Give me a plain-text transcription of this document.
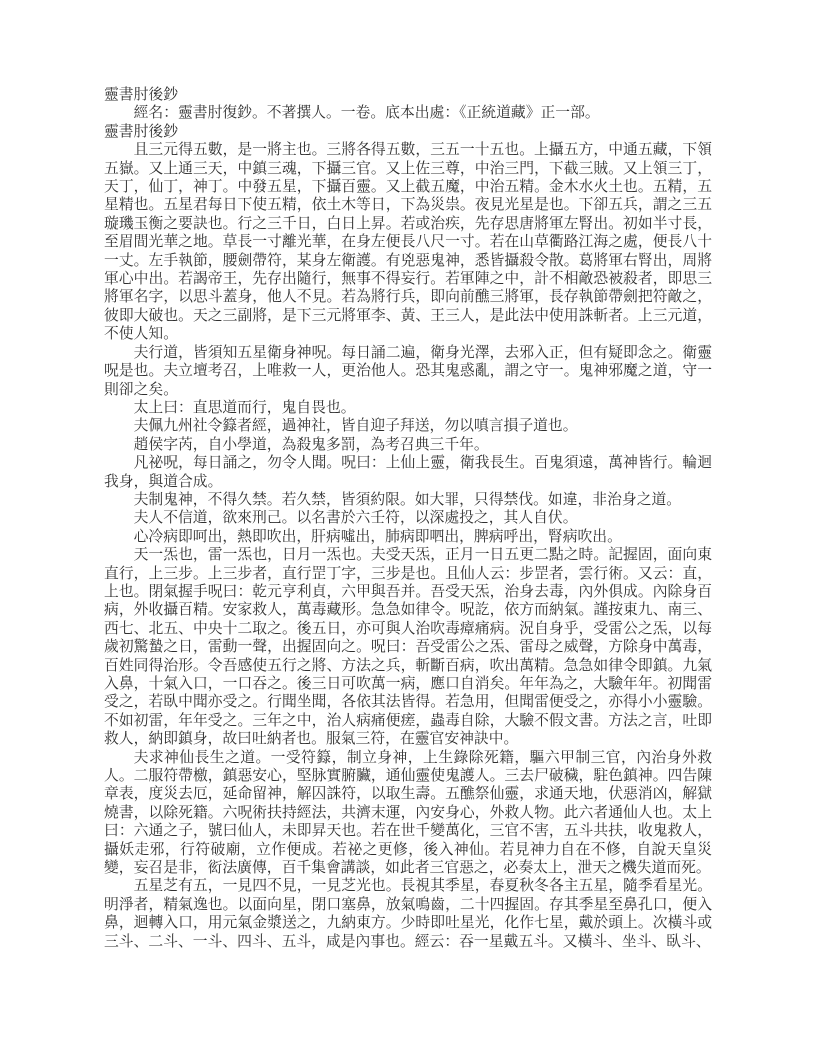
靈書肘後鈔

經名：靈書肘復鈔。不著撰人。一卷。底本出處：《正統道藏》正一部。

靈書肘後鈔

且三元得五數，是一將主也。三將各得五數，三五一十五也。上攝五方，中通五藏，下領五嶽。又上通三天，中鎮三魂，下攝三官。又上佐三尊，中治三門，下截三賊。又上領三丁，天丁，仙丁，神丁。中發五星，下攝百靈。又上截五魔，中治五精。金木水火土也。五精，五星精也。五星君每日下使五精，依土木等日，下為災祟。夜見光星是也。下卻五兵，謂之三五璇璣玉衡之要訣也。行之三千日，白日上昇。若或治疾，先存思唐將軍左腎出。初如半寸長，至眉間光華之地。草長一寸離光華，在身左便長八尺一寸。若在山草衢路江海之處，便長八十一丈。左手執節，腰劍帶符，某身左衛護。有兇惡鬼神，悉皆攝殺令散。葛將軍右腎出，周將軍心中出。若謁帝王，先存出隨行，無事不得妄行。若軍陣之中，計不相敵恐被殺者，即思三將軍名字，以思斗蓋身，他人不見。若為將行兵，即向前醮三將軍，長存執節帶劍把符敵之，彼即大破也。天之三副將，是下三元將軍李、黃、王三人，是此法中使用誅斬者。上三元道，不使人知。

夫行道，皆須知五星衛身神呪。每日誦二遍，衛身光澤，去邪入正，但有疑即念之。衛靈呪是也。夫立壇考召，上唯救一人，更治他人。恐其鬼惑亂，謂之守一。鬼神邪魔之道，守一則卻之矣。

太上曰：直思道而行，鬼自畏也。

夫佩九州社令籙者經，過神社，皆自迎子拜送，勿以嗔言損子道也。

趙侯字芮，自小學道，為殺鬼多罰，為考召典三千年。

凡祕呪，每日誦之，勿令人聞。呪曰：上仙上靈，衛我長生。百鬼須遠，萬神皆行。輪迴我身，與道合成。

夫制鬼神，不得久禁。若久禁，皆須約限。如大罪，只得禁伐。如違，非治身之道。

夫人不信道，欲來刑己。以名書於六壬符，以深處投之，其人自伏。

心冷病即呵出，熱即吹出，肝病噓出，肺病即呬出，脾病呼出，腎病吹出。

天一炁也，雷一炁也，日月一炁也。夫受天炁，正月一日五更二點之時。記握固，面向東直行，上三步。上三步者，直行罡丁字，三步是也。且仙人云：步罡者，雲行術。又云：直，上也。閉氣握手呪曰：乾元亨利貞，六甲與吾并。吾受天炁，治身去毒，內外俱成。內除身百病，外收攝百精。安家救人，萬毒藏形。急急如律令。呪訖，依方而納氣。謹按東九、南三、西七、北五、中央十二取之。後五日，亦可與人治吹毒瘴痛病。況自身乎，受雷公之炁，以每歲初驚蟄之日，雷動一聲，出握固向之。呪曰：吾受雷公之炁、雷母之威聲，方除身中萬毒，百姓同得治形。令吾感使五行之將、方法之兵，斬斷百病，吹出萬精。急急如律令即鎮。九氣入鼻，十氣入口，一口吞之。後三日可吹萬一病，應口自消矣。年年為之，大驗年年。初聞雷受之，若臥中聞亦受之。行聞坐聞，各依其法皆得。若急用，但聞雷便受之，亦得小小靈驗。不如初雷，年年受之。三年之中，治人病痛便瘥，蟲毒自除，大驗不假文書。方法之言，吐即救人，納即鎮身，故曰吐納者也。服氣三符，在靈官安神訣中。

夫求神仙長生之道。一受符籙，制立身神，上生錄除死籍，驅六甲制三官，內治身外救人。二服符帶檄，鎮惡安心，堅脉實腑臟，通仙靈使鬼護人。三去尸破穢，駐色鎮神。四告陳章表，度災去厄，延命留神，解囚誅符，以取生壽。五醮祭仙靈，求通天地，伏惡消凶，解獄燒書，以除死籍。六呪術扶持經法，共濟末運，內安身心，外救人物。此六者通仙人也。太上曰：六通之子，號曰仙人，未即昇天也。若在世千變萬化，三官不害，五斗共扶，收鬼救人，攝妖走邪，行符破廟，立作便成。若祕之更修，後入神仙。若見神力自在不修，自說天皇災變，妄召是非，衒法廣傳，百千集會講談，如此者三官惡之，必奏太上，泄天之機失道而死。

五星芝有五，一見四不見，一見芝光也。長視其季星，春夏秋冬各主五星，隨季看星光。明淨者，精氣逸也。以面向星，閉口塞鼻，放氣鳴齒，二十四握固。存其季星至鼻孔口，便入鼻，迴轉入口，用元氣金漿送之，九納東方。少時即吐星光，化作七星，戴於頭上。次橫斗或三斗、二斗、一斗、四斗、五斗，咸是內事也。經云：吞一星戴五斗。又橫斗、坐斗、臥斗、
